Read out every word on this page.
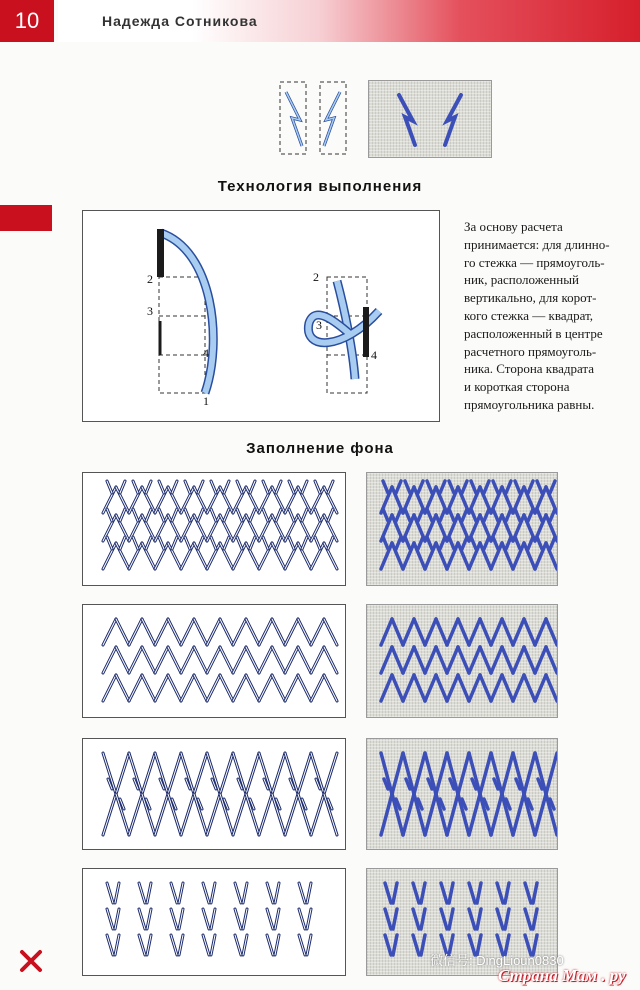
10	Надежда Сотникова
Технология выполнения
2
3
4
1
2
3
4
За основу расчета
принимается: для длинно-
го стежка — прямоуголь-
ник, расположенный
вертикально, для корот-
кого стежка — квадрат,
расположенный в центре
расчетного прямоуголь-
ника. Сторона квадрата
и короткая сторона
прямоугольника равны.
Заполнение фона
微信号: DingLioun0830
Страна Мам . ру
